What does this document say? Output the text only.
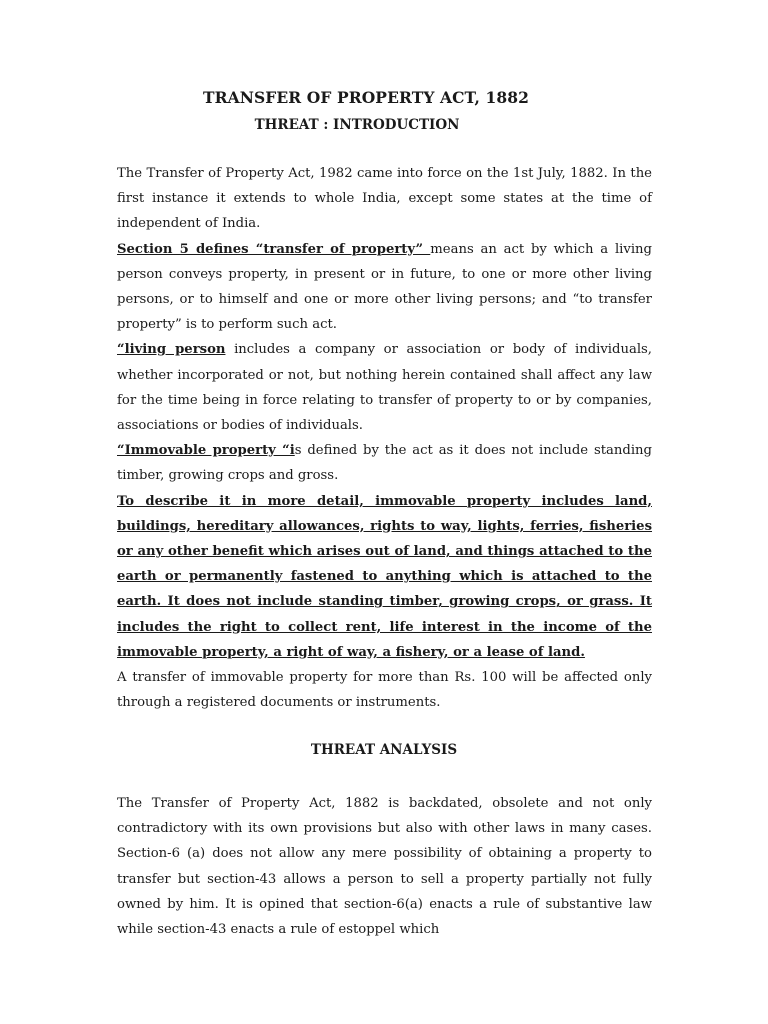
TRANSFER OF PROPERTY ACT, 1882
THREAT : INTRODUCTION

The Transfer of Property Act, 1982 came into force on the 1st July, 1882. In the first instance it extends to whole India, except some states at the time of independent of India.

Section 5 defines “transfer of property” means an act by which a living person conveys property, in present or in future, to one or more other living persons, or to himself and one or more other living persons; and “to transfer property” is to perform such act.

“living person includes a company or association or body of individuals, whether incorporated or not, but nothing herein contained shall affect any law for the time being in force relating to transfer of property to or by companies, associations or bodies of individuals.

“Immovable property “is defined by the act as it does not include standing timber, growing crops and gross.

To describe it in more detail, immovable property includes land, buildings, hereditary allowances, rights to way, lights, ferries, fisheries or any other benefit which arises out of land, and things attached to the earth or permanently fastened to anything which is attached to the earth. It does not include standing timber, growing crops, or grass. It includes the right to collect rent, life interest in the income of the immovable property, a right of way, a fishery, or a lease of land.

A transfer of immovable property for more than Rs. 100 will be affected only through a registered documents or instruments.

THREAT ANALYSIS

The Transfer of Property Act, 1882 is backdated, obsolete and not only contradictory with its own provisions but also with other laws in many cases. Section-6 (a) does not allow any mere possibility of obtaining a property to transfer but section-43 allows a person to sell a property partially not fully owned by him. It is opined that section-6(a) enacts a rule of substantive law while section-43 enacts a rule of estoppel which
